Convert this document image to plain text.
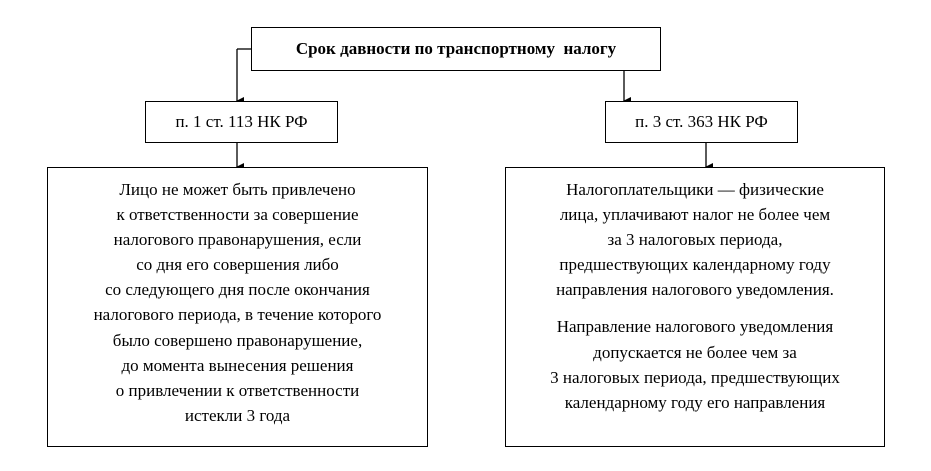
Срок давности по транспортному  налогу
п. 1 ст. 113 НК РФ	п. 3 ст. 363 НК РФ
Лицо не может быть привлечено
к ответственности за совершение
налогового правонарушения, если
со дня его совершения либо
со следующего дня после окончания
налогового периода, в течение которого
было совершено правонарушение,
до момента вынесения решения
о привлечении к ответственности
истекли 3 года
Налогоплательщики — физические
лица, уплачивают налог не более чем
за 3 налоговых периода,
предшествующих календарному году
направления налогового уведомления.
Направление налогового уведомления
допускается не более чем за
3 налоговых периода, предшествующих
календарному году его направления
